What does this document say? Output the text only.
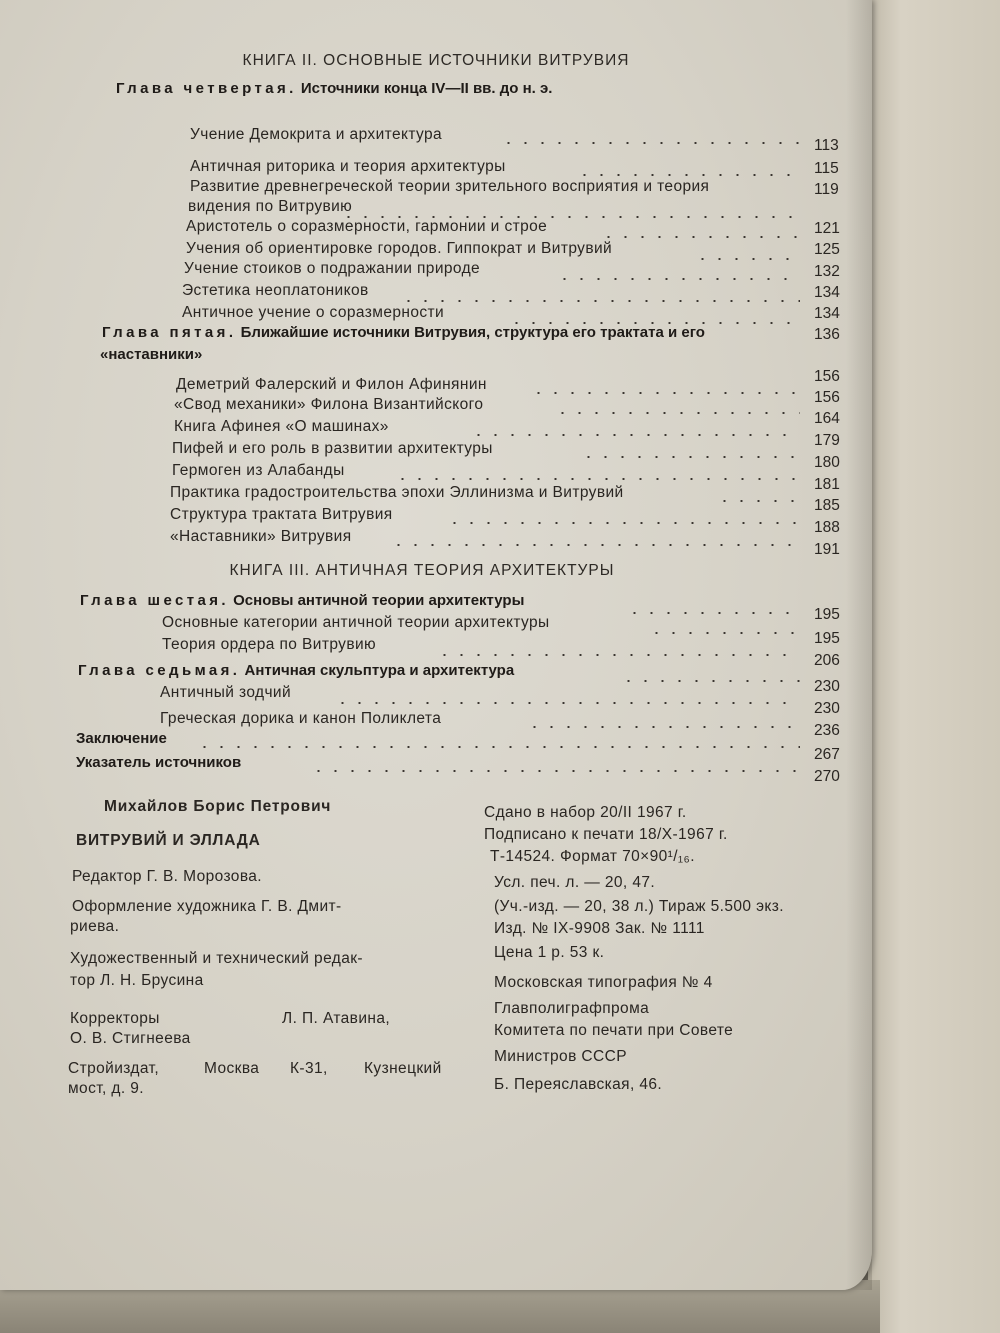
КНИГА II. ОСНОВНЫЕ ИСТОЧНИКИ ВИТРУВИЯ
Глава четвертая. Источники конца IV—II вв. до н. э.
Учение Демокрита и архитектура
Античная риторика и теория архитектуры
Развитие древнегреческой теории зрительного восприятия и теория
видения по Витрувию
Аристотель о соразмерности, гармонии и строе
Учения об ориентировке городов. Гиппократ и Витрувий
Учение стоиков о подражании природе
Эстетика неоплатоников
Античное учение о соразмерности
Глава пятая. Ближайшие источники Витрувия, структура его трактата и его
«наставники»
Деметрий Фалерский и Филон Афинянин
«Свод механики» Филона Византийского
Книга Афинея «О машинах»
Пифей и его роль в развитии архитектуры
Гермоген из Алабанды
Практика градостроительства эпохи Эллинизма и Витрувий
Структура трактата Витрувия
«Наставники» Витрувия
113
115
119
121
125
132
134
134
136
156
156
164
179
180
181
185
188
191
КНИГА III. АНТИЧНАЯ ТЕОРИЯ АРХИТЕКТУРЫ
Глава шестая. Основы античной теории архитектуры
Основные категории античной теории архитектуры
Теория ордера по Витрувию
Глава седьмая. Античная скульптура и архитектура
Античный зодчий
Греческая дорика и канон Поликлета
Заключение
Указатель источников
195
195
206
230
230
236
267
270
Михайлов Борис Петрович
ВИТРУВИЙ И ЭЛЛАДА
Редактор Г. В. Морозова.
Оформление художника Г. В. Дмит-
риева.
Художественный и технический редак-
тор Л. Н. Брусина
Корректоры	Л. П. Атавина,
О. В. Стигнеева
Стройиздат,	Москва К-31, Кузнецкий
мост, д. 9.
Сдано в набор 20/II 1967 г.
Подписано к печати 18/X-1967 г.
Т-14524. Формат 70×90¹/₁₆.
Усл. печ. л. — 20, 47.
(Уч.-изд. — 20, 38 л.) Тираж 5.500 экз.
Изд. № IX-9908 Зак. № 1111
Цена 1 р. 53 к.
Московская типография № 4
Главполиграфпрома
Комитета по печати при Совете
Министров СССР
Б. Переяславская, 46.
